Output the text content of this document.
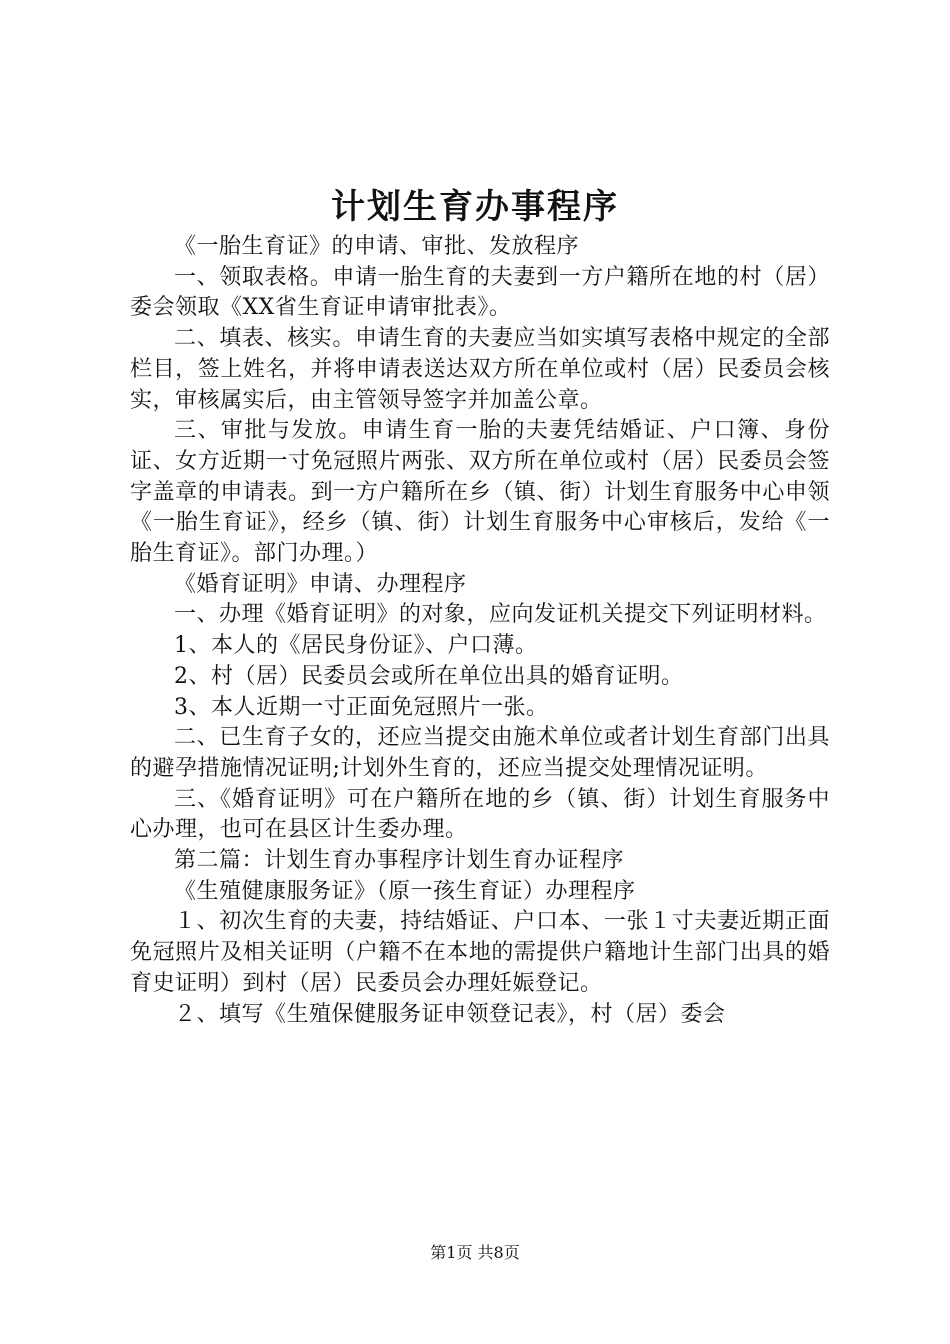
计划生育办事程序

《一胎生育证》的申请、审批、发放程序

一、领取表格。申请一胎生育的夫妻到一方户籍所在地的村（居）委会领取《XX省生育证申请审批表》。

二、填表、核实。申请生育的夫妻应当如实填写表格中规定的全部栏目，签上姓名，并将申请表送达双方所在单位或村（居）民委员会核实，审核属实后，由主管领导签字并加盖公章。

三、审批与发放。申请生育一胎的夫妻凭结婚证、户口簿、身份证、女方近期一寸免冠照片两张、双方所在单位或村（居）民委员会签字盖章的申请表。到一方户籍所在乡（镇、街）计划生育服务中心申领《一胎生育证》，经乡（镇、街）计划生育服务中心审核后，发给《一胎生育证》。部门办理。）

《婚育证明》申请、办理程序

一、办理《婚育证明》的对象，应向发证机关提交下列证明材料。

1、本人的《居民身份证》、户口薄。

2、村（居）民委员会或所在单位出具的婚育证明。

3、本人近期一寸正面免冠照片一张。

二、已生育子女的，还应当提交由施术单位或者计划生育部门出具的避孕措施情况证明;计划外生育的，还应当提交处理情况证明。

三、《婚育证明》可在户籍所在地的乡（镇、街）计划生育服务中心办理，也可在县区计生委办理。

第二篇：计划生育办事程序计划生育办证程序

《生殖健康服务证》（原一孩生育证）办理程序

１、初次生育的夫妻，持结婚证、户口本、一张１寸夫妻近期正面免冠照片及相关证明（户籍不在本地的需提供户籍地计生部门出具的婚育史证明）到村（居）民委员会办理妊娠登记。

２、填写《生殖保健服务证申领登记表》，村（居）委会

第1页 共8页
